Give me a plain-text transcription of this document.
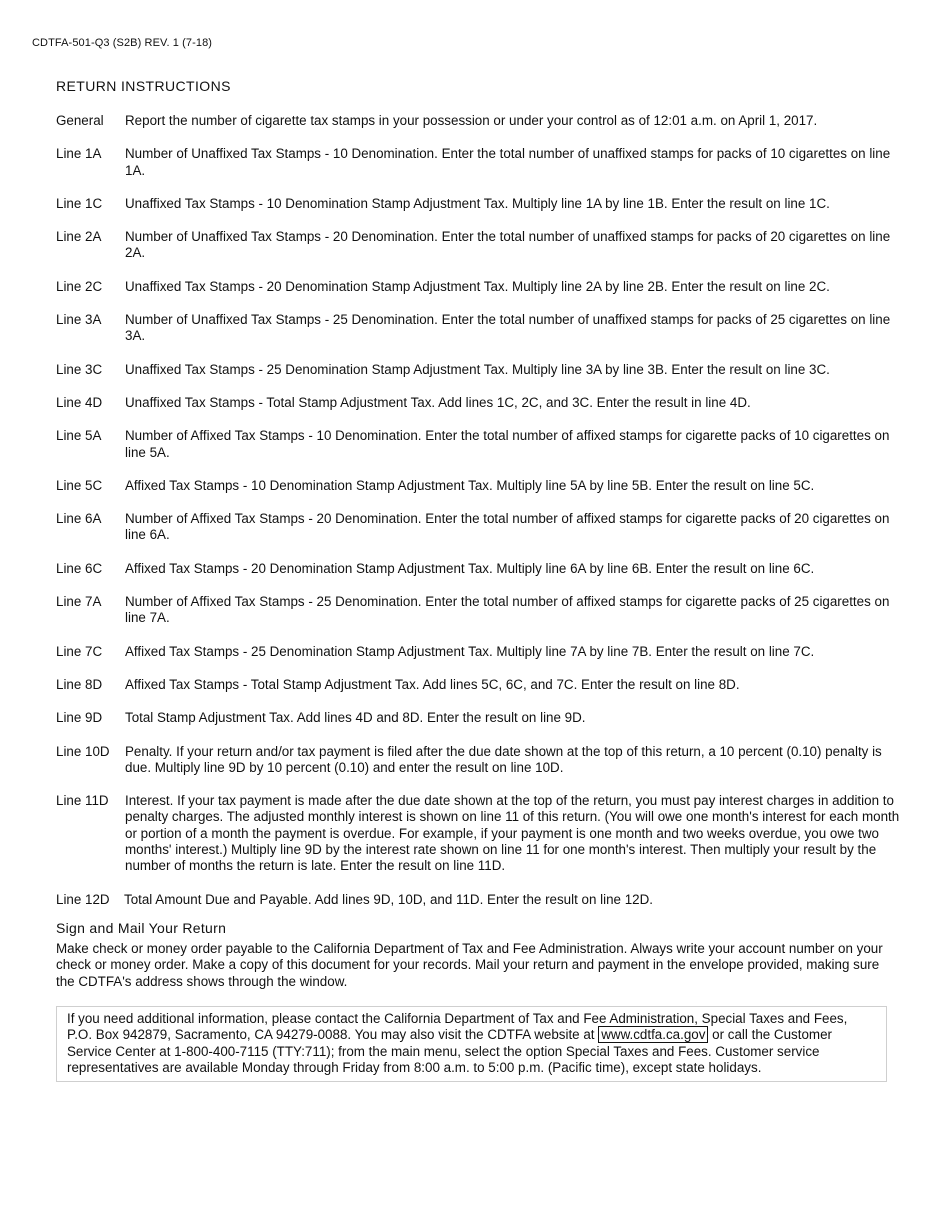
CDTFA-501-Q3 (S2B) REV. 1 (7-18)
RETURN INSTRUCTIONS
General	Report the number of cigarette tax stamps in your possession or under your control as of 12:01 a.m. on April 1, 2017.
Line 1A	Number of Unaffixed Tax Stamps - 10 Denomination. Enter the total number of unaffixed stamps for packs of 10 cigarettes on line 1A.
Line 1C	Unaffixed Tax Stamps - 10 Denomination Stamp Adjustment Tax. Multiply line 1A by line 1B. Enter the result on line 1C.
Line 2A	Number of Unaffixed Tax Stamps - 20 Denomination. Enter the total number of unaffixed stamps for packs of 20 cigarettes on line 2A.
Line 2C	Unaffixed Tax Stamps - 20 Denomination Stamp Adjustment Tax. Multiply line 2A by line 2B. Enter the result on line 2C.
Line 3A	Number of Unaffixed Tax Stamps - 25 Denomination. Enter the total number of unaffixed stamps for packs of 25 cigarettes on line 3A.
Line 3C	Unaffixed Tax Stamps - 25 Denomination Stamp Adjustment Tax. Multiply line 3A by line 3B. Enter the result on line 3C.
Line 4D	Unaffixed Tax Stamps - Total Stamp Adjustment Tax. Add lines 1C, 2C, and 3C. Enter the result in line 4D.
Line 5A	Number of Affixed Tax Stamps - 10 Denomination. Enter the total number of affixed stamps for cigarette packs of 10 cigarettes on line 5A.
Line 5C	Affixed Tax Stamps - 10 Denomination Stamp Adjustment Tax. Multiply line 5A by line 5B. Enter the result on line 5C.
Line 6A	Number of Affixed Tax Stamps - 20 Denomination. Enter the total number of affixed stamps for cigarette packs of 20 cigarettes on line 6A.
Line 6C	Affixed Tax Stamps - 20 Denomination Stamp Adjustment Tax. Multiply line 6A by line 6B. Enter the result on line 6C.
Line 7A	Number of Affixed Tax Stamps - 25 Denomination. Enter the total number of affixed stamps for cigarette packs of 25 cigarettes on line 7A.
Line 7C	Affixed Tax Stamps - 25 Denomination Stamp Adjustment Tax. Multiply line 7A by line 7B. Enter the result on line 7C.
Line 8D	Affixed Tax Stamps - Total Stamp Adjustment Tax. Add lines 5C, 6C, and 7C. Enter the result on line 8D.
Line 9D	Total Stamp Adjustment Tax. Add lines 4D and 8D. Enter the result on line 9D.
Line 10D	Penalty. If your return and/or tax payment is filed after the due date shown at the top of this return, a 10 percent (0.10) penalty is due. Multiply line 9D by 10 percent (0.10) and enter the result on line 10D.
Line 11D	Interest. If your tax payment is made after the due date shown at the top of the return, you must pay interest charges in addition to penalty charges. The adjusted monthly interest is shown on line 11 of this return. (You will owe one month's interest for each month or portion of a month the payment is overdue. For example, if your payment is one month and two weeks overdue, you owe two months' interest.) Multiply line 9D by the interest rate shown on line 11 for one month's interest. Then multiply your result by the number of months the return is late. Enter the result on line 11D.
Line 12D	Total Amount Due and Payable. Add lines 9D, 10D, and 11D. Enter the result on line 12D.
Sign and Mail Your Return
Make check or money order payable to the California Department of Tax and Fee Administration. Always write your account number on your check or money order. Make a copy of this document for your records. Mail your return and payment in the envelope provided, making sure the CDTFA's address shows through the window.
If you need additional information, please contact the California Department of Tax and Fee Administration, Special Taxes and Fees, P.O. Box 942879, Sacramento, CA 94279-0088. You may also visit the CDTFA website at www.cdtfa.ca.gov or call the Customer Service Center at 1-800-400-7115 (TTY:711); from the main menu, select the option Special Taxes and Fees. Customer service representatives are available Monday through Friday from 8:00 a.m. to 5:00 p.m. (Pacific time), except state holidays.
